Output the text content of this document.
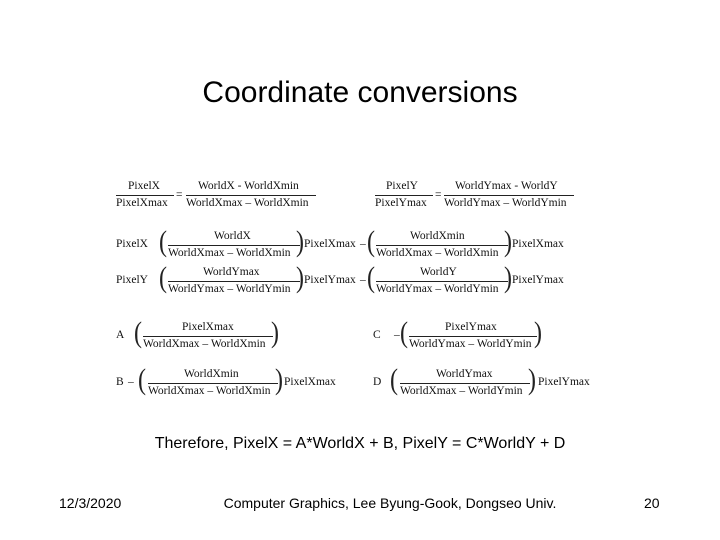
Coordinate conversions
PixelX
PixelXmax
=
WorldX - WorldXmin
WorldXmax – WorldXmin
PixelY
PixelYmax
=
WorldYmax - WorldY
WorldYmax – WorldYmin
PixelX (	WorldX
WorldXmax – WorldXmin ) PixelXmax – (	WorldXmin
WorldXmax – WorldXmin ) PixelXmax
PixelY (	WorldYmax
WorldYmax – WorldYmin ) PixelYmax – (	WorldY
WorldYmax – WorldYmin ) PixelYmax
A (	PixelXmax
WorldXmax – WorldXmin )	C – (	PixelYmax
WorldYmax – WorldYmin )
B – (	WorldXmin
WorldXmax – WorldXmin ) PixelXmax	D (	WorldYmax
WorldXmax – WorldYmin ) PixelYmax
Therefore, PixelX = A*WorldX + B, PixelY = C*WorldY + D
12/3/2020	Computer Graphics, Lee Byung-Gook, Dongseo Univ.	20
